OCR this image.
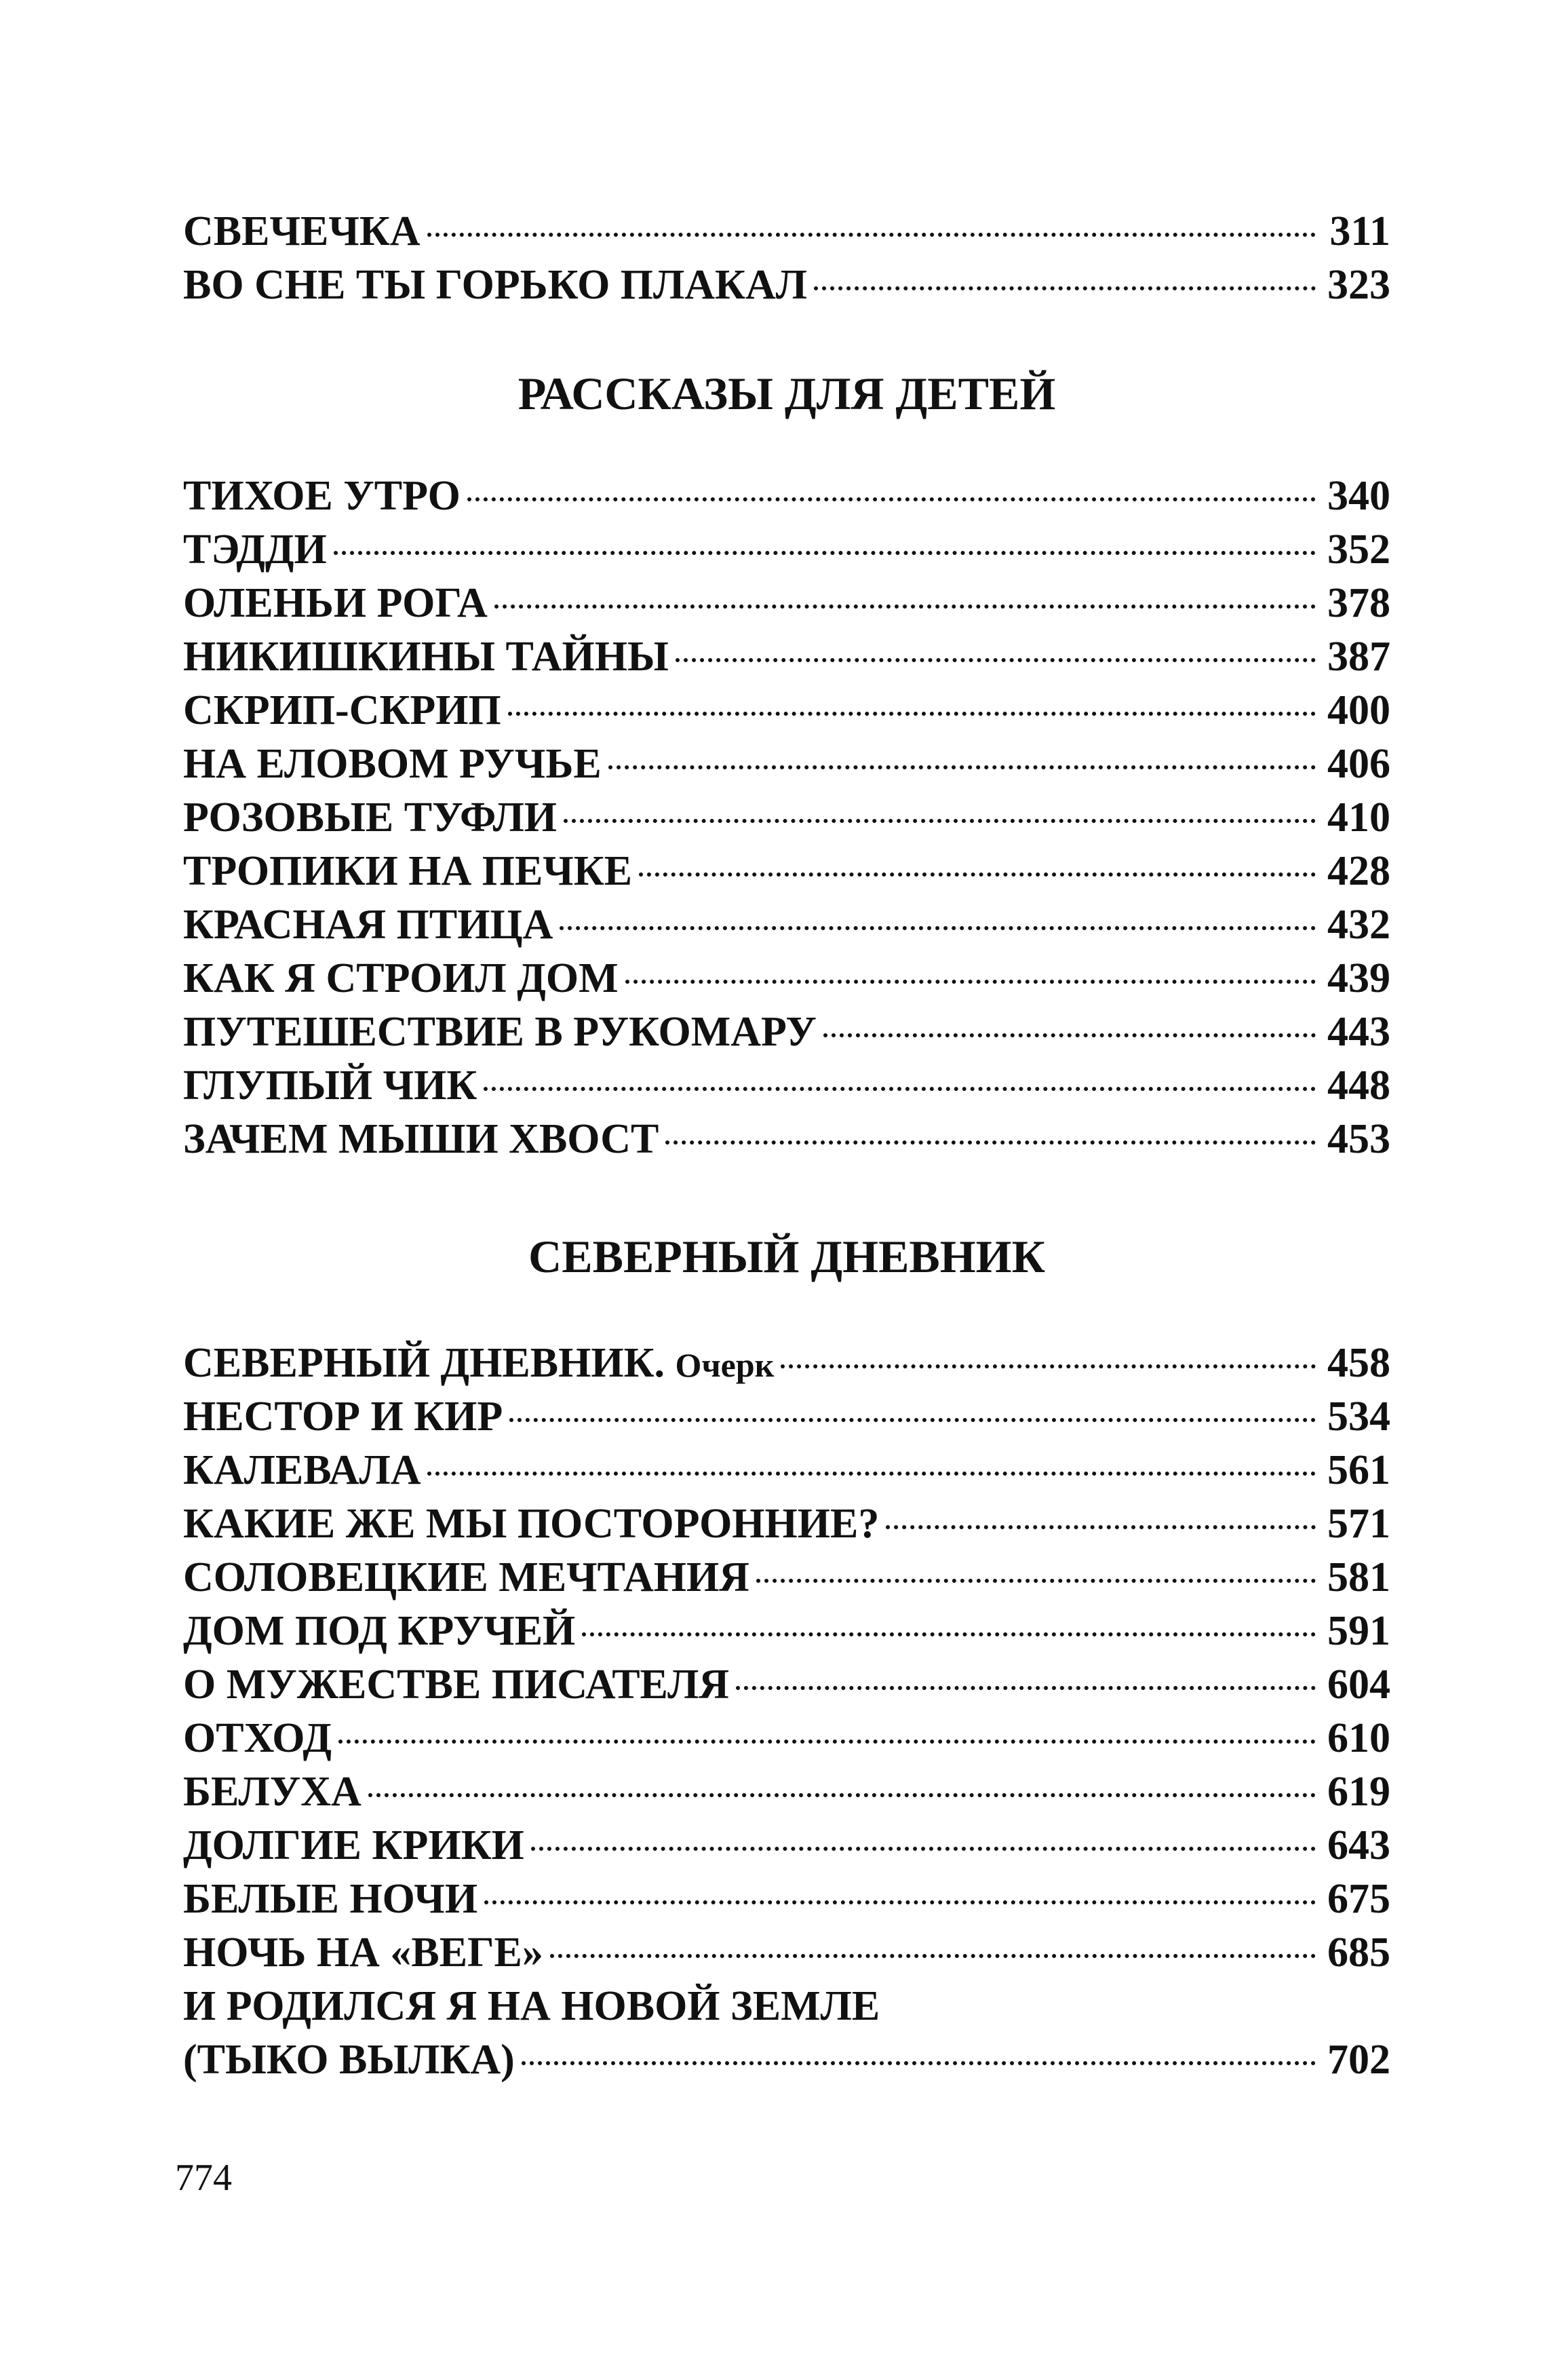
СВЕЧЕЧКА	311
ВО СНЕ ТЫ ГОРЬКО ПЛАКАЛ	323
РАССКАЗЫ ДЛЯ ДЕТЕЙ
ТИХОЕ УТРО	340
ТЭДДИ	352
ОЛЕНЬИ РОГА	378
НИКИШКИНЫ ТАЙНЫ	387
СКРИП-СКРИП	400
НА ЕЛОВОМ РУЧЬЕ	406
РОЗОВЫЕ ТУФЛИ	410
ТРОПИКИ НА ПЕЧКЕ	428
КРАСНАЯ ПТИЦА	432
КАК Я СТРОИЛ ДОМ	439
ПУТЕШЕСТВИЕ В РУКОМАРУ	443
ГЛУПЫЙ ЧИК	448
ЗАЧЕМ МЫШИ ХВОСТ	453
СЕВЕРНЫЙ ДНЕВНИК
СЕВЕРНЫЙ ДНЕВНИК. Очерк	458
НЕСТОР И КИР	534
КАЛЕВАЛА	561
КАКИЕ ЖЕ МЫ ПОСТОРОННИЕ?	571
СОЛОВЕЦКИЕ МЕЧТАНИЯ	581
ДОМ ПОД КРУЧЕЙ	591
О МУЖЕСТВЕ ПИСАТЕЛЯ	604
ОТХОД	610
БЕЛУХА	619
ДОЛГИЕ КРИКИ	643
БЕЛЫЕ НОЧИ	675
НОЧЬ НА «ВЕГЕ»	685
И РОДИЛСЯ Я НА НОВОЙ ЗЕМЛЕ
(ТЫКО ВЫЛКА)	702
774
